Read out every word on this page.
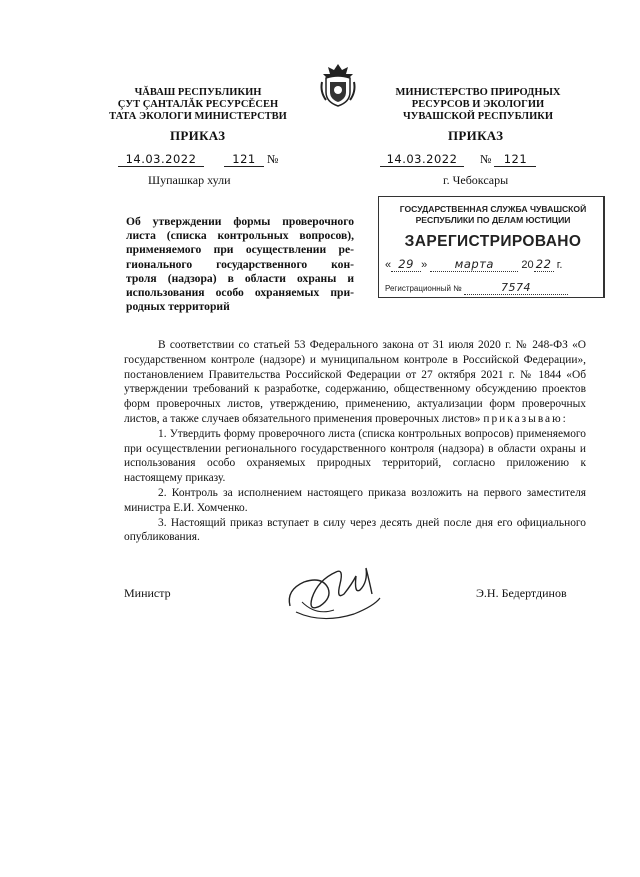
ЧĂВАШ РЕСПУБЛИКИН
ÇУТ ÇАНТАЛĂК РЕСУРСĔСЕН
ТАТА ЭКОЛОГИ МИНИСТЕРСТВИ
МИНИСТЕРСТВО ПРИРОДНЫХ
РЕСУРСОВ И ЭКОЛОГИИ
ЧУВАШСКОЙ РЕСПУБЛИКИ
ПРИКАЗ	ПРИКАЗ
14.03.2022	121 №	14.03.2022 № 121
Шупашкар хули	г. Чебоксары
Об утверждении формы проверочного
листа (списка контрольных вопросов),
применяемого при осуществлении ре-
гионального государственного кон-
троля (надзора) в области охраны и
использования особо охраняемых при-
родных территорий
ГОСУДАРСТВЕННАЯ СЛУЖБА ЧУВАШСКОЙ РЕСПУБЛИКИ ПО ДЕЛАМ ЮСТИЦИИ
ЗАРЕГИСТРИРОВАНО
« 29 » марта 20 22 г.
Регистрационный №	7574

В соответствии со статьей 53 Федерального закона от 31 июля 2020 г. № 248-ФЗ «О государственном контроле (надзоре) и муниципальном контроле в Российской Федерации», постановлением Правительства Российской Федерации от 27 октября 2021 г. № 1844 «Об утверждении требований к разработке, содержанию, общественному обсуждению проектов форм проверочных листов, утверждению, применению, актуализации форм проверочных листов, а также случаев обязательного применения проверочных листов» приказываю:

1. Утвердить форму проверочного листа (списка контрольных вопросов) применяемого при осуществлении регионального государственного контроля (надзора) в области охраны и использования особо охраняемых природных территорий, согласно приложению к настоящему приказу.

2. Контроль за исполнением настоящего приказа возложить на первого заместителя министра Е.И. Хомченко.

3. Настоящий приказ вступает в силу через десять дней после дня его официального опубликования.

Министр	Э.Н. Бедертдинов
